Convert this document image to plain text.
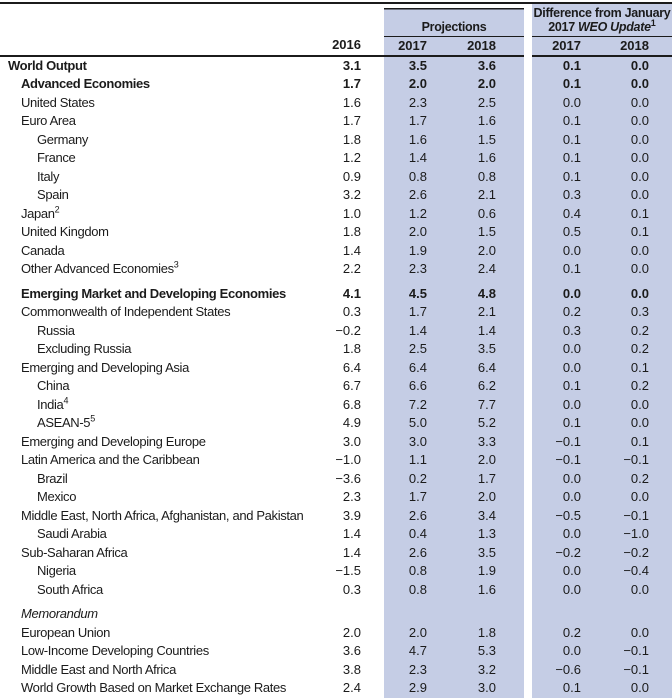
		Projections			Difference from January
2017 WEO Update$^1$

	2016	2017	2018		2017	2018
World Output	3.1	3.5	3.6		0.1	0.0
Advanced Economies	1.7	2.0	2.0		0.1	0.0
United States	1.6	2.3	2.5		0.0	0.0
Euro Area	1.7	1.7	1.6		0.1	0.0
Germany	1.8	1.6	1.5		0.1	0.0
France	1.2	1.4	1.6		0.1	0.0
Italy	0.9	0.8	0.8		0.1	0.0
Spain	3.2	2.6	2.1		0.3	0.0
Japan$^2$	1.0	1.2	0.6		0.4	0.1
United Kingdom	1.8	2.0	1.5		0.5	0.1
Canada	1.4	1.9	2.0		0.0	0.0
Other Advanced Economies$^3$	2.2	2.3	2.4		0.1	0.0

Emerging Market and Developing Economies	4.1	4.5	4.8		0.0	0.0
Commonwealth of Independent States	0.3	1.7	2.1		0.2	0.3
Russia	−0.2	1.4	1.4		0.3	0.2
Excluding Russia	1.8	2.5	3.5		0.0	0.2
Emerging and Developing Asia	6.4	6.4	6.4		0.0	0.1
China	6.7	6.6	6.2		0.1	0.2
India$^4$	6.8	7.2	7.7		0.0	0.0
ASEAN-$5^5$	4.9	5.0	5.2		0.1	0.0
Emerging and Developing Europe	3.0	3.0	3.3		−0.1	0.1
Latin America and the Caribbean	−1.0	1.1	2.0		−0.1	−0.1
Brazil	−3.6	0.2	1.7		0.0	0.2
Mexico	2.3	1.7	2.0		0.0	0.0
Middle East, North Africa, Afghanistan, and Pakistan	3.9	2.6	3.4		−0.5	−0.1
Saudi Arabia	1.4	0.4	1.3		0.0	−1.0
Sub-Saharan Africa	1.4	2.6	3.5		−0.2	−0.2
Nigeria	−1.5	0.8	1.9		0.0	−0.4
South Africa	0.3	0.8	1.6		0.0	0.0

Memorandum						
European Union	2.0	2.0	1.8		0.2	0.0
Low-Income Developing Countries	3.6	4.7	5.3		0.0	−0.1
Middle East and North Africa	3.8	2.3	3.2		−0.6	−0.1
World Growth Based on Market Exchange Rates	2.4	2.9	3.0		0.1	0.0
